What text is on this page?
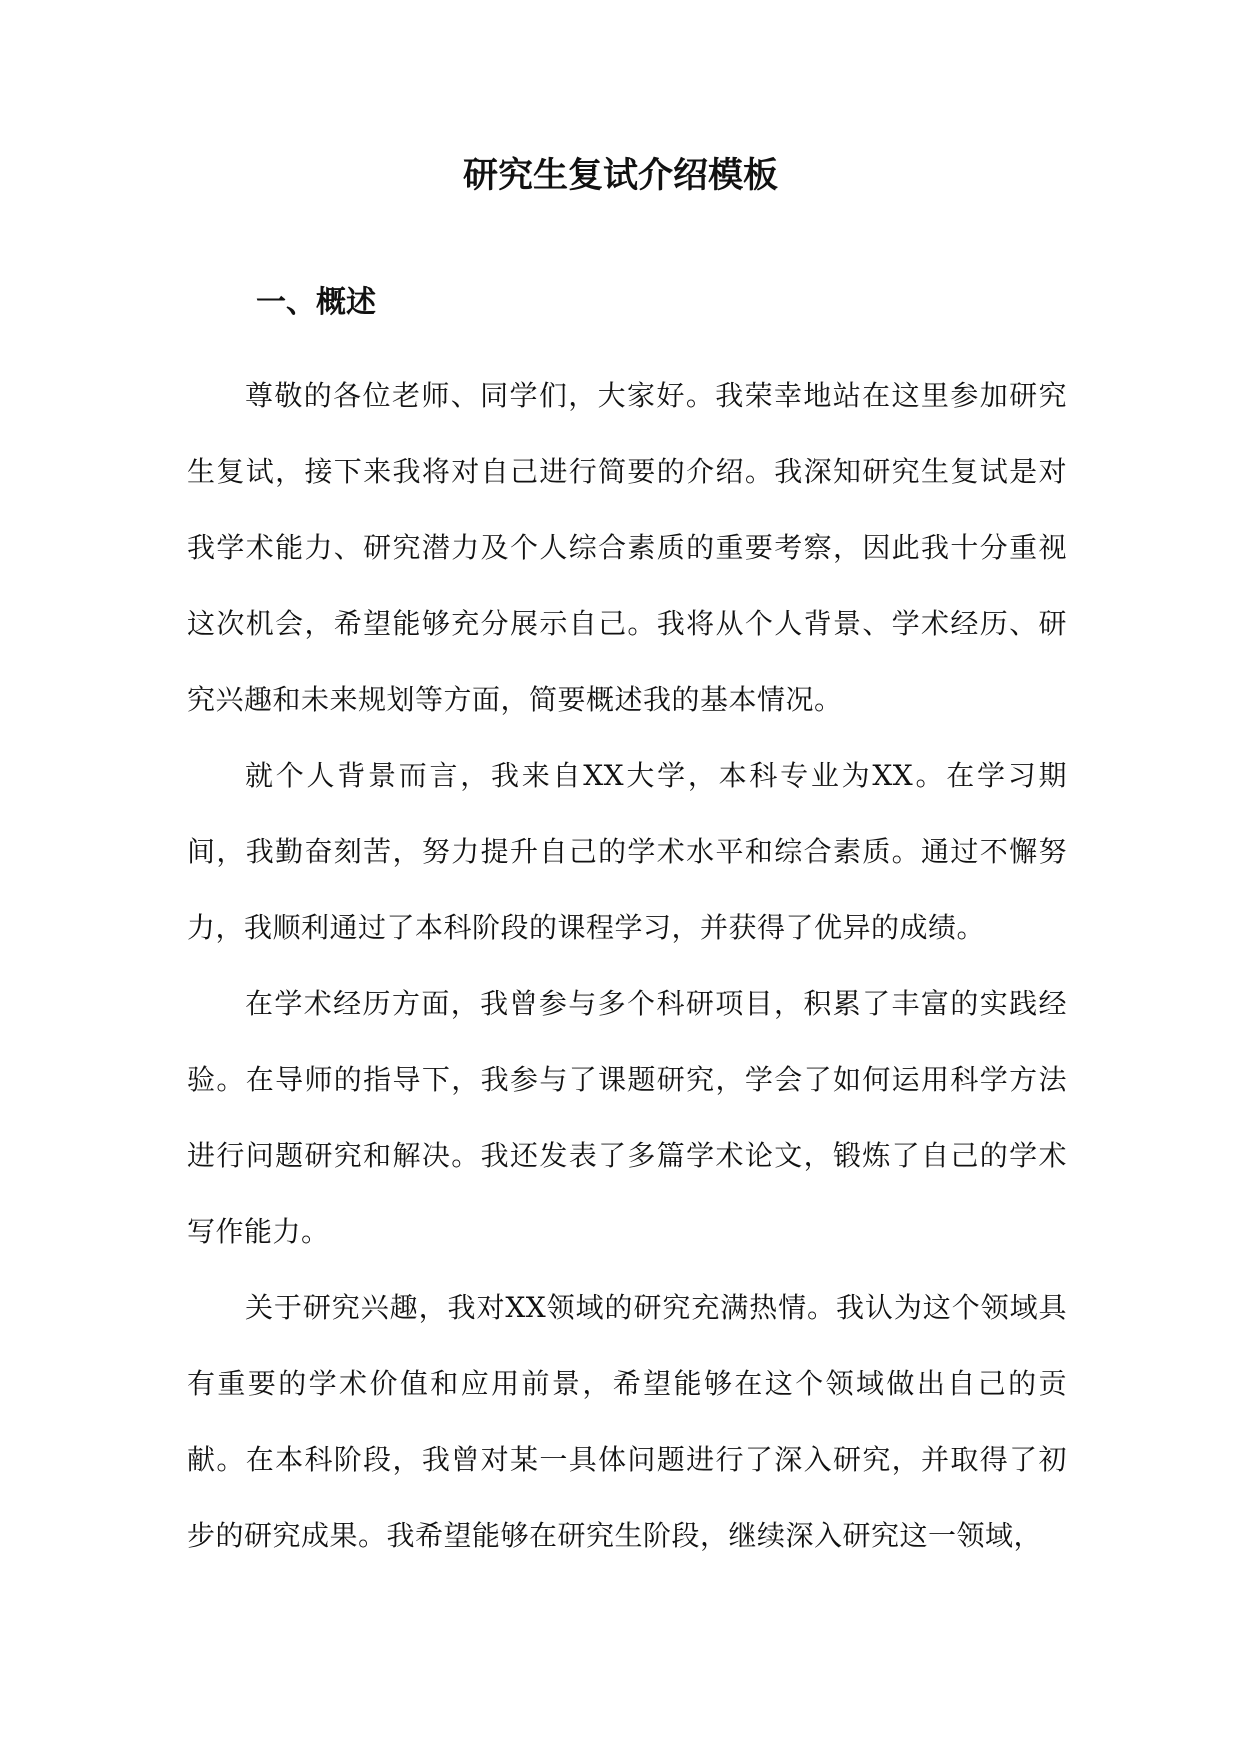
研究生复试介绍模板
一、概述

尊敬的各位老师、同学们，大家好。我荣幸地站在这里参加研究生复试，接下来我将对自己进行简要的介绍。我深知研究生复试是对我学术能力、研究潜力及个人综合素质的重要考察，因此我十分重视这次机会，希望能够充分展示自己。我将从个人背景、学术经历、研究兴趣和未来规划等方面，简要概述我的基本情况。

就个人背景而言，我来自XX大学，本科专业为XX。在学习期间，我勤奋刻苦，努力提升自己的学术水平和综合素质。通过不懈努力，我顺利通过了本科阶段的课程学习，并获得了优异的成绩。

在学术经历方面，我曾参与多个科研项目，积累了丰富的实践经验。在导师的指导下，我参与了课题研究，学会了如何运用科学方法进行问题研究和解决。我还发表了多篇学术论文，锻炼了自己的学术写作能力。

关于研究兴趣，我对XX领域的研究充满热情。我认为这个领域具有重要的学术价值和应用前景，希望能够在这个领域做出自己的贡献。在本科阶段，我曾对某一具体问题进行了深入研究，并取得了初步的研究成果。我希望能够在研究生阶段，继续深入研究这一领域，
